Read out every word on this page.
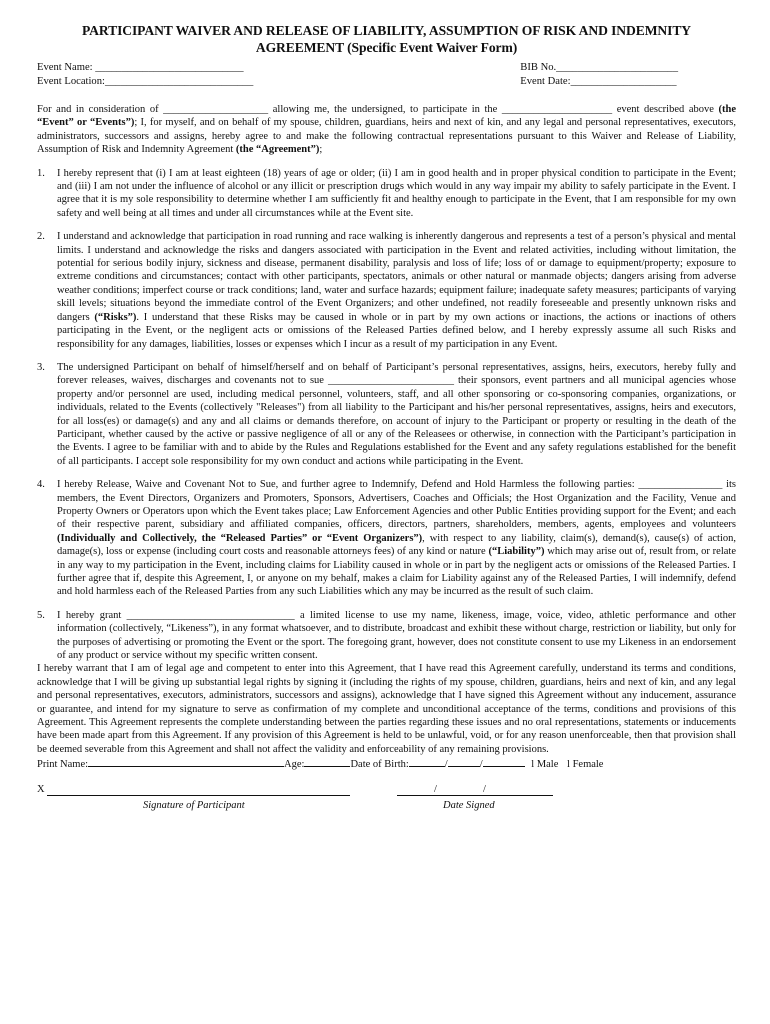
PARTICIPANT WAIVER AND RELEASE OF LIABILITY, ASSUMPTION OF RISK AND INDEMNITY
AGREEMENT (Specific Event Waiver Form)
Event Name: ____________________________
Event Location:____________________________
BIB No._______________________
Event Date:____________________
For and in consideration of ____________________ allowing me, the undersigned, to participate in the _____________________ event described above (the “Event” or “Events”); I, for myself, and on behalf of my spouse, children, guardians, heirs and next of kin, and any legal and personal representatives, executors, administrators, successors and assigns, hereby agree to and make the following contractual representations pursuant to this Waiver and Release of Liability, Assumption of Risk and Indemnity Agreement (the “Agreement”);
1. I hereby represent that (i) I am at least eighteen (18) years of age or older; (ii) I am in good health and in proper physical condition to participate in the Event; and (iii) I am not under the influence of alcohol or any illicit or prescription drugs which would in any way impair my ability to safely participate in the Event. I agree that it is my sole responsibility to determine whether I am sufficiently fit and healthy enough to participate in the Event, that I am responsible for my own safety and well being at all times and under all circumstances while at the Event site.
2. I understand and acknowledge that participation in road running and race walking is inherently dangerous and represents a test of a person’s physical and mental limits. I understand and acknowledge the risks and dangers associated with participation in the Event and related activities, including without limitation, the potential for serious bodily injury, sickness and disease, permanent disability, paralysis and loss of life; loss of or damage to equipment/property; exposure to extreme conditions and circumstances; contact with other participants, spectators, animals or other natural or manmade objects; dangers arising from adverse weather conditions; imperfect course or track conditions; land, water and surface hazards; equipment failure; inadequate safety measures; participants of varying skill levels; situations beyond the immediate control of the Event Organizers; and other undefined, not readily foreseeable and presently unknown risks and dangers (“Risks”). I understand that these Risks may be caused in whole or in part by my own actions or inactions, the actions or inactions of others participating in the Event, or the negligent acts or omissions of the Released Parties defined below, and I hereby expressly assume all such Risks and responsibility for any damages, liabilities, losses or expenses which I incur as a result of my participation in any Event.
3. The undersigned Participant on behalf of himself/herself and on behalf of Participant’s personal representatives, assigns, heirs, executors, hereby fully and forever releases, waives, discharges and covenants not to sue ________________________ their sponsors, event partners and all municipal agencies whose property and/or personnel are used, including medical personnel, volunteers, staff, and all other sponsoring or co-sponsoring companies, organizations, or individuals, related to the Events (collectively "Releases") from all liability to the Participant and his/her personal representatives, assigns, heirs and executors, for all loss(es) or damage(s) and any and all claims or demands therefore, on account of injury to the Participant or property or resulting in the death of the Participant, whether caused by the active or passive negligence of all or any of the Releasees or otherwise, in connection with the Participant’s participation in the Events. I agree to be familiar with and to abide by the Rules and Regulations established for the Event and any safety regulations established for the benefit of all participants. I accept sole responsibility for my own conduct and actions while participating in the Event.
4. I hereby Release, Waive and Covenant Not to Sue, and further agree to Indemnify, Defend and Hold Harmless the following parties: ________________ its members, the Event Directors, Organizers and Promoters, Sponsors, Advertisers, Coaches and Officials; the Host Organization and the Facility, Venue and Property Owners or Operators upon which the Event takes place; Law Enforcement Agencies and other Public Entities providing support for the Event; and each of their respective parent, subsidiary and affiliated companies, officers, directors, partners, shareholders, members, agents, employees and volunteers (Individually and Collectively, the “Released Parties” or “Event Organizers”), with respect to any liability, claim(s), demand(s), cause(s) of action, damage(s), loss or expense (including court costs and reasonable attorneys fees) of any kind or nature (“Liability”) which may arise out of, result from, or relate in any way to my participation in the Event, including claims for Liability caused in whole or in part by the negligent acts or omissions of the Released Parties. I further agree that if, despite this Agreement, I, or anyone on my behalf, makes a claim for Liability against any of the Released Parties, I will indemnify, defend and hold harmless each of the Released Parties from any such Liabilities which any may be incurred as the result of such claim.
5. I hereby grant ________________________________ a limited license to use my name, likeness, image, voice, video, athletic performance and other information (collectively, “Likeness”), in any format whatsoever, and to distribute, broadcast and exhibit these without charge, restriction or liability, but only for the purposes of advertising or promoting the Event or the sport. The foregoing grant, however, does not constitute consent to use my Likeness in an endorsement of any product or service without my specific written consent.
I hereby warrant that I am of legal age and competent to enter into this Agreement, that I have read this Agreement carefully, understand its terms and conditions, acknowledge that I will be giving up substantial legal rights by signing it (including the rights of my spouse, children, guardians, heirs and next of kin, and any legal and personal representatives, executors, administrators, successors and assigns), acknowledge that I have signed this Agreement without any inducement, assurance or guarantee, and intend for my signature to serve as confirmation of my complete and unconditional acceptance of the terms, conditions and provisions of this Agreement. This Agreement represents the complete understanding between the parties regarding these issues and no oral representations, statements or inducements have been made apart from this Agreement. If any provision of this Agreement is held to be unlawful, void, or for any reason unenforceable, then that provision shall be deemed severable from this Agreement and shall not affect the validity and enforceability of any remaining provisions.
Print Name:	Age:	Date of Birth:	/	/	l Male l Female
X	/	/
Signature of Participant	Date Signed
